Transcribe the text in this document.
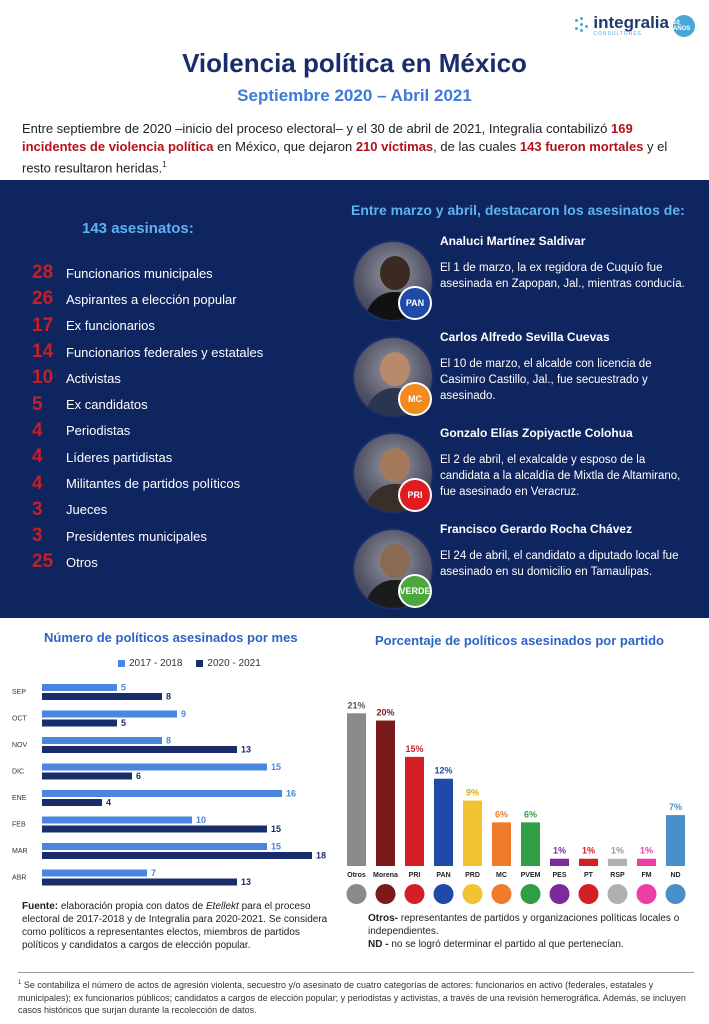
integralia
CONSULTORES
10 AÑOS
Violencia política en México
Septiembre 2020 – Abril 2021

Entre septiembre de 2020 –inicio del proceso electoral– y el 30 de abril de 2021, Integralia contabilizó 169 incidentes de violencia política en México, que dejaron 210 víctimas, de las cuales 143 fueron mortales y el resto resultaron heridas.$^1$

143 asesinatos:
28 Funcionarios municipales
26 Aspirantes a elección popular
17 Ex funcionarios
14 Funcionarios federales y estatales
10 Activistas
5	Ex candidatos
4	Periodistas
4	Líderes partidistas
4	Militantes de partidos políticos
3	Jueces
3	Presidentes municipales
25 Otros
Entre marzo y abril, destacaron los asesinatos de:
PAN
Analuci Martínez Saldivar
El 1 de marzo, la ex regidora de Cuquío fue asesinada en Zapopan, Jal., mientras conducía.
MC
Carlos Alfredo Sevilla Cuevas
El 10 de marzo, el alcalde con licencia de Casimiro Castillo, Jal., fue secuestrado y asesinado.
PRI
Gonzalo Elías Zopiyactle Colohua
El 2 de abril, el exalcalde y esposo de la candidata a la alcaldía de Mixtla de Altamirano, fue asesinado en Veracruz.
VERDE
Francisco Gerardo Rocha Chávez
El 24 de abril, el candidato a diputado local fue asesinado en su domicilio en Tamaulipas.
Número de políticos asesinados por mes
2017 - 2018	2020 - 2021
SEP	5
8
OCT	9
5
NOV	8
13
DIC	15
6
ENE	16
4
FEB	10
15
MAR	15
18
ABR	7
13
Porcentaje de políticos asesinados por partido
21%
Otros
20%
Morena
15%
PRI
12%
PAN
9%
PRD
6%
MC
6%
PVEM
1%
PES
1%
PT
1%
RSP
1%
FM
7%
ND

Fuente: elaboración propia con datos de Etellekt para el proceso electoral de 2017-2018 y de Integralia para 2020-2021. Se considera como políticos a representantes electos, miembros de partidos políticos y candidatos a cargos de elección popular.

Otros- representantes de partidos y organizaciones políticas locales o independientes.

ND - no se logró determinar el partido al que pertenecían.

$^1$ Se contabiliza el número de actos de agresión violenta, secuestro y/o asesinato de cuatro categorías de actores: funcionarios en activo (federales, estatales y municipales); ex funcionarios públicos; candidatos a cargos de elección popular; y periodistas y activistas, a través de una revisión hemerográfica. Además, se incluyen casos históricos que surjan durante la recolección de datos.
